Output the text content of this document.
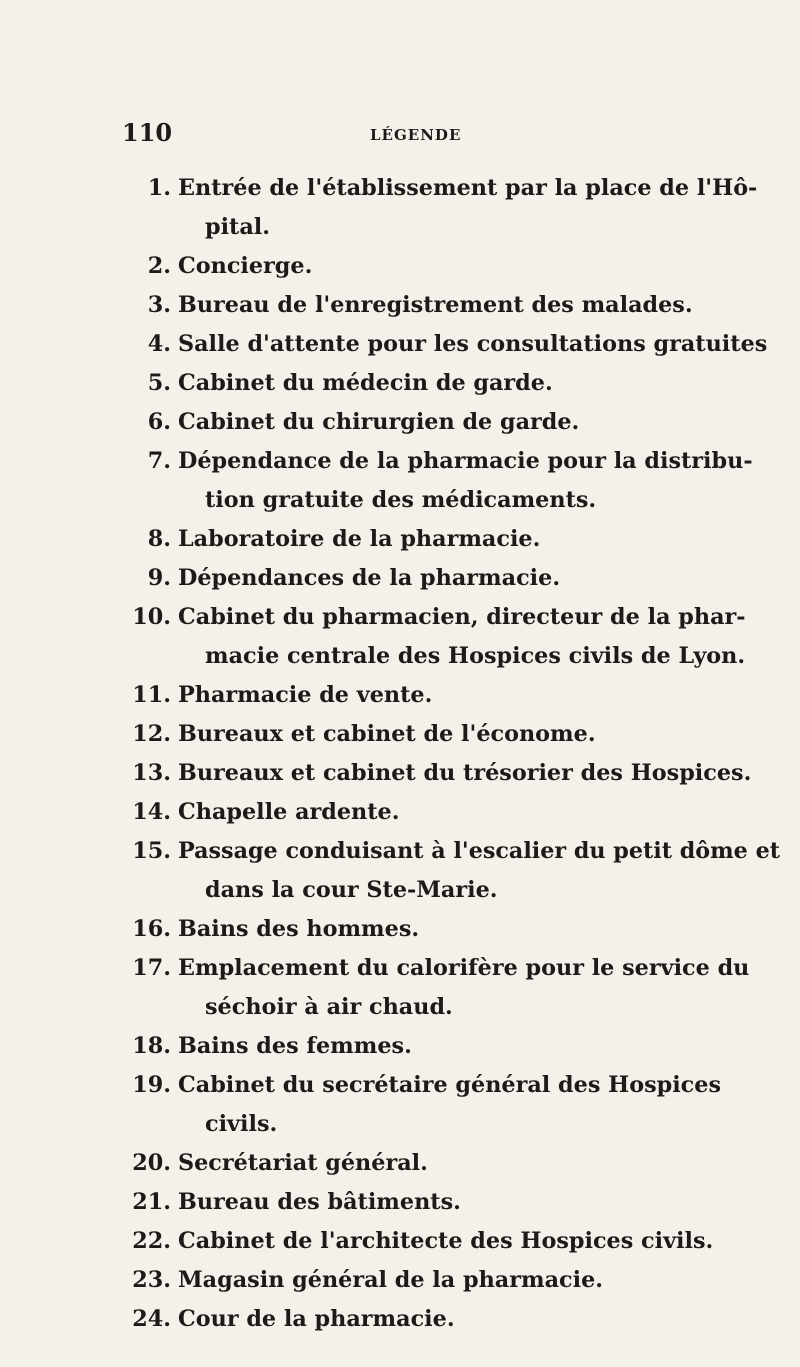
110	LÉGENDE
1. Entrée de l'établissement par la place de l'Hô-
pital.
2. Concierge.
3. Bureau de l'enregistrement des malades.
4. Salle d'attente pour les consultations gratuites
5. Cabinet du médecin de garde.
6. Cabinet du chirurgien de garde.
7. Dépendance de la pharmacie pour la distribu-
tion gratuite des médicaments.
8. Laboratoire de la pharmacie.
9. Dépendances de la pharmacie.
10. Cabinet du pharmacien, directeur de la phar-
macie centrale des Hospices civils de Lyon.
11. Pharmacie de vente.
12. Bureaux et cabinet de l'économe.
13. Bureaux et cabinet du trésorier des Hospices.
14. Chapelle ardente.
15. Passage conduisant à l'escalier du petit dôme et
dans la cour Ste-Marie.
16. Bains des hommes.
17. Emplacement du calorifère pour le service du
séchoir à air chaud.
18. Bains des femmes.
19. Cabinet du secrétaire général des Hospices
civils.
20. Secrétariat général.
21. Bureau des bâtiments.
22. Cabinet de l'architecte des Hospices civils.
23. Magasin général de la pharmacie.
24. Cour de la pharmacie.
